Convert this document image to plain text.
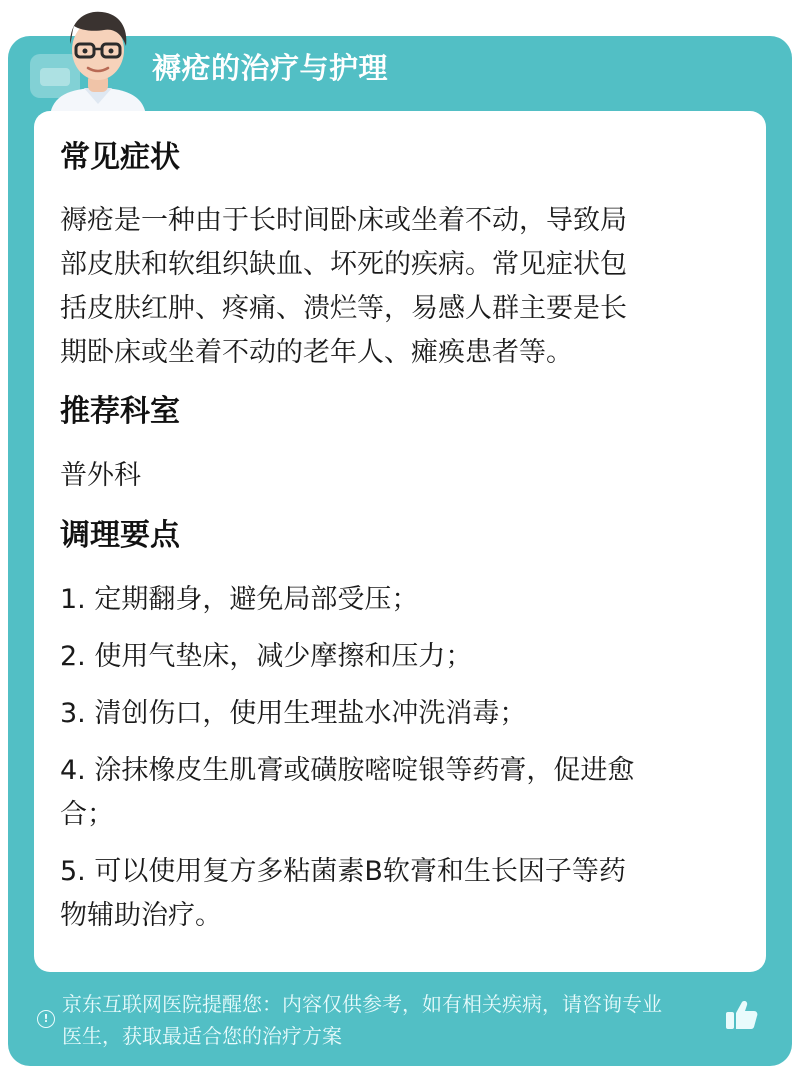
褥疮的治疗与护理
常见症状
褥疮是一种由于长时间卧床或坐着不动，导致局
部皮肤和软组织缺血、坏死的疾病。常见症状包
括皮肤红肿、疼痛、溃烂等，易感人群主要是长
期卧床或坐着不动的老年人、瘫痪患者等。
推荐科室
普外科
调理要点
1. 定期翻身，避免局部受压；
2. 使用气垫床，减少摩擦和压力；
3. 清创伤口，使用生理盐水冲洗消毒；
4. 涂抹橡皮生肌膏或磺胺嘧啶银等药膏，促进愈
合；
5. 可以使用复方多粘菌素B软膏和生长因子等药
物辅助治疗。
!
京东互联网医院提醒您：内容仅供参考，如有相关疾病，请咨询专业
医生，获取最适合您的治疗方案
